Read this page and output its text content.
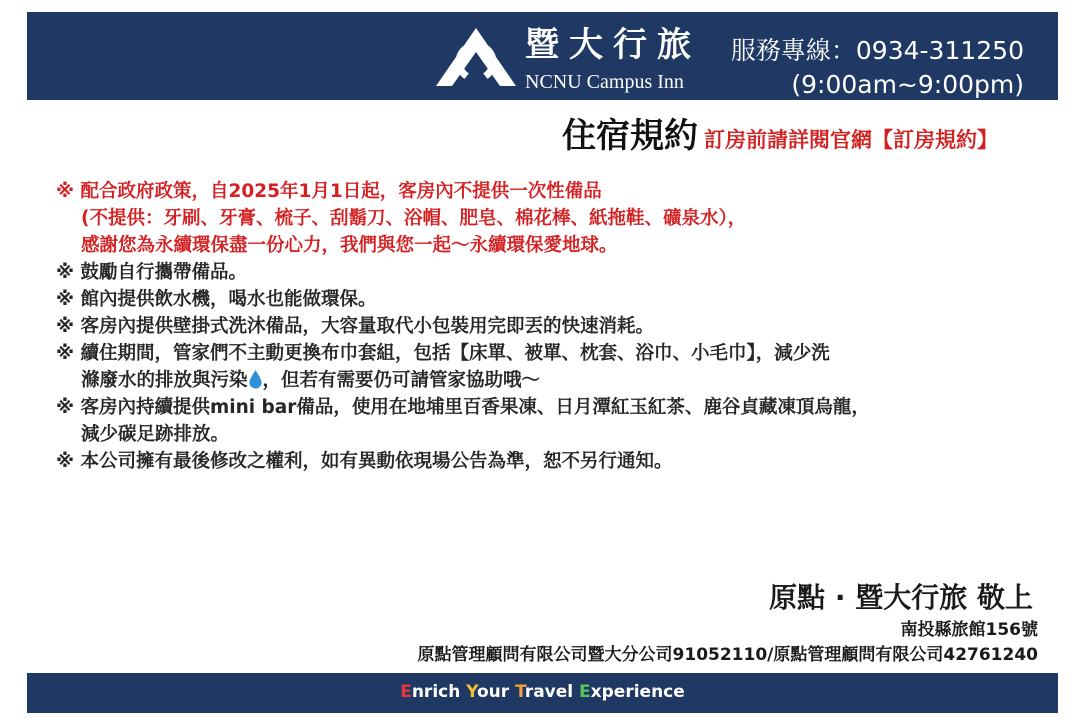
暨大行旅
NCNU Campus Inn
服務專線：0934-311250
(9:00am~9:00pm)
住宿規約 訂房前請詳閱官網【訂房規約】
※ 配合政府政策，自2025年1月1日起，客房內不提供一次性備品
(不提供：牙刷、牙膏、梳子、刮鬍刀、浴帽、肥皂、棉花棒、紙拖鞋、礦泉水），
感謝您為永續環保盡一份心力，我們與您一起～永續環保愛地球。
※ 鼓勵自行攜帶備品。
※ 館內提供飲水機，喝水也能做環保。
※ 客房內提供壁掛式洗沐備品，大容量取代小包裝用完即丟的快速消耗。
※ 續住期間，管家們不主動更換布巾套組，包括【床單、被單、枕套、浴巾、小毛巾】，減少洗
滌廢水的排放與污染 ，但若有需要仍可請管家協助哦～
※ 客房內持續提供mini bar備品，使用在地埔里百香果凍、日月潭紅玉紅茶、鹿谷貞藏凍頂烏龍，
減少碳足跡排放。
※ 本公司擁有最後修改之權利，如有異動依現場公告為準，恕不另行通知。
原點 · 暨大行旅 敬上
南投縣旅館156號
原點管理顧問有限公司暨大分公司91052110/原點管理顧問有限公司42761240
Enrich Your Travel Experience
